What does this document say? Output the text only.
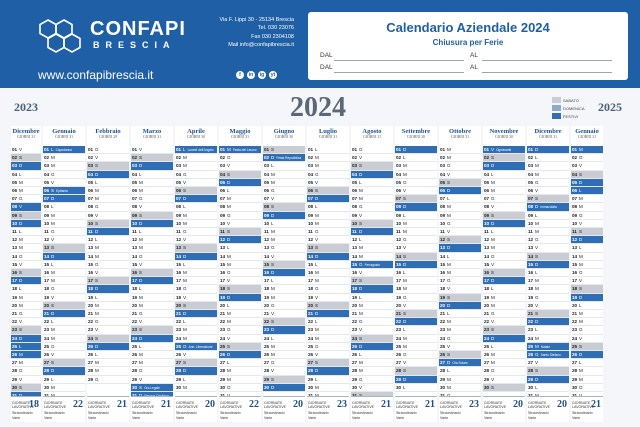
CONFAPI
BRESCIA
www.confapibrescia.it
Via F. Lippi 30 - 25134 Brescia
Tel. 030 23076
Fax 030 2304108
Mail info@confapibrescia.it
f	in	ig	yt
Calendario Aziendale 2024
Chiusura per Ferie
DAL	AL
DAL	AL
2023	2024	2025
SABATO
DOMENICA
FESTIVI
Dicembre
GIORNI 31
01 V
02 S
03 D
04 L
05 M
06 M
07 G
08 V
09 S
10 D
11 L
12 M
13 M
14 G
15 V
16 S
17 D
18 L
19 M
20 M
21 G
22 V
23 S
24 D
25 L
26 M
27 M
28 G
29 V
30 S
GIORNATE
LAVORATIVE
18
Straordinario
Varie
Gennaio
GIORNI 31
01 L Capodanno
02 M
03 M
04 G
05 V
06 S Epifania
07 D
08 L
09 M
10 M
11 G
12 V
13 S
14 D
15 L
16 M
17 M
18 G
19 V
20 S
21 D
22 L
23 M
24 M
25 G
26 V
27 S
28 D
29 L
30 M
GIORNATE
LAVORATIVE 22
Straordinario
Varie
Febbraio
GIORNI 29
01 G
02 V
03 S
04 D
05 L
06 M
07 M
08 G
09 V
10 S
11 D
12 L
13 M
14 M
15 G
16 V
17 S
18 D
19 L
20 M
21 M
22 G
23 V
24 S
25 D
26 L
27 M
28 M
29 G
GIORNATE
LAVORATIVE 21
Straordinario
Varie
Marzo
GIORNI 31
01 V
02 S
03 D
04 L
05 M
06 M
07 G
08 V
09 S
10 D
11 L
12 M
13 M
14 G
15 V
16 S
17 D
18 L
19 M
20 M
21 G
22 V
23 S
24 D
25 L
26 M
27 M
28 G
29 V
30 S Ora Legale
GIORNATE
LAVORATIVE 21
Straordinario
Varie
Aprile
GIORNI 30
01 L Lunedì dell'Angelo
02 M
03 M
04 G
05 V
06 S
07 D
08 L
09 M
10 M
11 G
12 V
13 S
14 D
15 L
16 M
17 M
18 G
19 V
20 S
21 D
22 L
23 M
24 M
25 G Ann. Liberazione
26 V
27 S
28 D
29 L
30 M
GIORNATE
LAVORATIVE 20
Straordinario
Varie
Maggio
GIORNI 31
01 M Festa del Lavoro
02 G
03 V
04 S
05 D
06 L
07 M
08 M
09 G
10 V
11 S
12 D
13 L
14 M
15 M
16 G
17 V
18 S
19 D
20 L
21 M
22 M
23 G
24 V
25 S
26 D
27 L
28 M
29 M
30 G
GIORNATE
LAVORATIVE 22
Straordinario
Varie
Giugno
GIORNI 30
01 S
02 D Festa Repubblica
03 L
04 M
05 M
06 G
07 V
08 S
09 D
10 L
11 M
12 M
13 G
14 V
15 S
16 D
17 L
18 M
19 M
20 G
21 V
22 S
23 D
24 L
25 M
26 M
27 G
28 V
29 S
30 D
GIORNATE
LAVORATIVE 20
Straordinario
Varie
Luglio
GIORNI 31
01 L
02 M
03 M
04 G
05 V
06 S
07 D
08 L
09 M
10 M
11 G
12 V
13 S
14 D
15 L
16 M
17 M
18 G
19 V
20 S
21 D
22 L
23 M
24 M
25 G
26 V
27 S
28 D
29 L
30 M
GIORNATE
LAVORATIVE 23
Straordinario
Varie
Agosto
GIORNI 31
01 G
02 V
03 S
04 D
05 L
06 M
07 M
08 G
09 V
10 S
11 D
12 L
13 M
14 M
15 G Ferragosto
16 V
17 S
18 D
19 L
20 M
21 M
22 G
23 V
24 S
25 D
26 L
27 M
28 M
29 G
30 V
GIORNATE
LAVORATIVE 21
Straordinario
Varie
Settembre
GIORNI 30
01 D
02 L
03 M
04 M
05 G
06 V
07 S
08 D
09 L
10 M
11 M
12 G
13 V
14 S
15 D
16 L
17 M
18 M
19 G
20 V
21 S
22 D
23 L
24 M
25 M
26 G
27 V
28 S
29 D
30 L
GIORNATE
LAVORATIVE 21
Straordinario
Varie
Ottobre
GIORNI 31
01 M
02 M
03 G
04 V
05 S
06 D
07 L
08 M
09 M
10 G
11 V
12 S
13 D
14 L
15 M
16 M
17 G
18 V
19 S
20 D
21 L
22 M
23 M
24 G
25 V
26 S
27 D Ora Solare
28 L
29 M
30 M
GIORNATE
LAVORATIVE 23
Straordinario
Varie
Novembre
GIORNI 30
01 V Ognissanti
02 S
03 D
04 L
05 M
06 M
07 G
08 V
09 S
10 D
11 L
12 M
13 M
14 G
15 V
16 S
17 D
18 L
19 M
20 M
21 G
22 V
23 S
24 D
25 L
26 M
27 M
28 G
29 V
30 S
GIORNATE
LAVORATIVE 20
Straordinario
Varie
Dicembre
GIORNI 31
01 D
02 L
03 M
04 M
05 G
06 V
07 S
08 D Immacolata
09 L
10 M
11 M
12 G
13 V
14 S
15 D
16 L
17 M
18 M
19 G
20 V
21 S
22 D
23 L
24 M
25 M Natale
26 G Santo Stefano
27 V
28 S
29 D
30 L
GIORNATE
LAVORATIVE 20
Straordinario
Varie
Gennaio
GIORNI 31
01 M
02 G
03 V
04 S
05 D
06 L
07 M
08 M
09 G
10 V
11 S
12 D
13 L
14 M
15 M
16 G
17 V
18 S
19 D
20 L
21 M
22 M
23 G
24 V
25 S
26 D
27 L
28 M
29 M
30 G
GIORNATE
LAVORATIVE
21
Straordinario
Varie
